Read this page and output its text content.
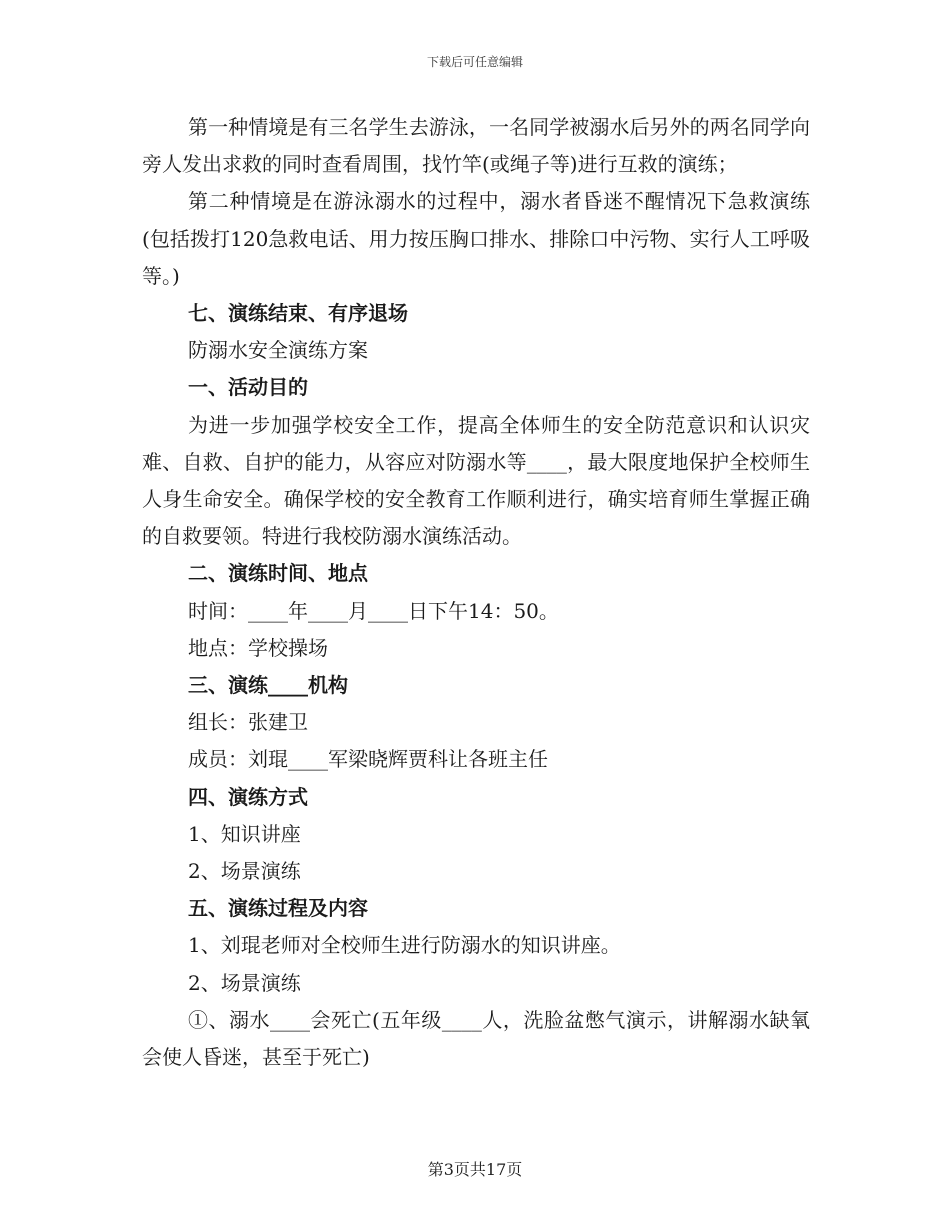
下载后可任意编辑

第一种情境是有三名学生去游泳，一名同学被溺水后另外的两名同学向旁人发出求救的同时查看周围，找竹竿(或绳子等)进行互救的演练；

第二种情境是在游泳溺水的过程中，溺水者昏迷不醒情况下急救演练(包括拨打120急救电话、用力按压胸口排水、排除口中污物、实行人工呼吸等。)

七、演练结束、有序退场

防溺水安全演练方案

一、活动目的

为进一步加强学校安全工作，提高全体师生的安全防范意识和认识灾难、自救、自护的能力，从容应对防溺水等____，最大限度地保护全校师生人身生命安全。确保学校的安全教育工作顺利进行，确实培育师生掌握正确的自救要领。特进行我校防溺水演练活动。

二、演练时间、地点

时间：____年____月____日下午14：50。

地点：学校操场

三、演练____机构

组长：张建卫

成员：刘琨____军梁晓辉贾科让各班主任

四、演练方式

1、知识讲座

2、场景演练

五、演练过程及内容

1、刘琨老师对全校师生进行防溺水的知识讲座。

2、场景演练

①、溺水____会死亡(五年级____人，洗脸盆憋气演示，讲解溺水缺氧会使人昏迷，甚至于死亡)

第3页共17页
